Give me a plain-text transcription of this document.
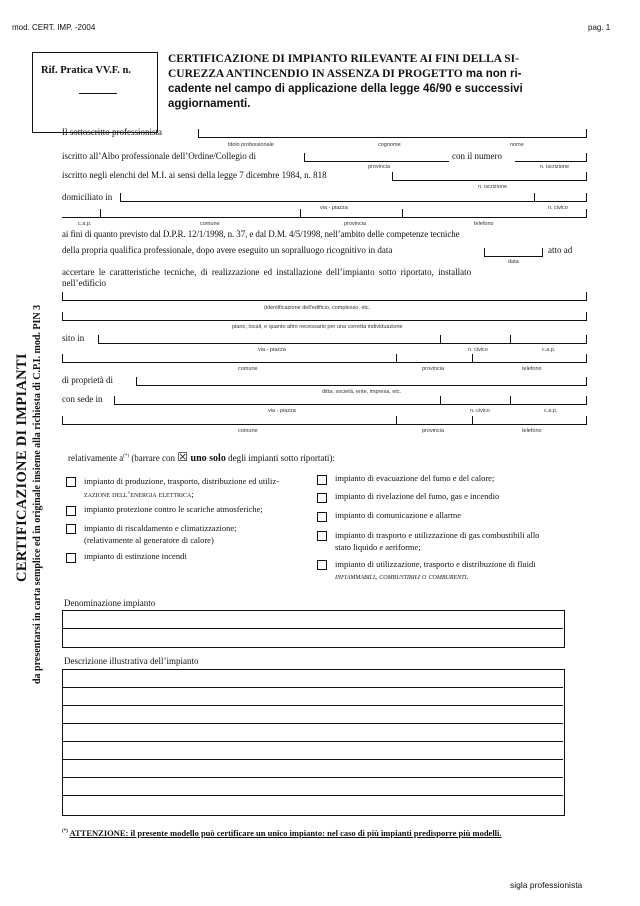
mod. CERT. IMP. -2004	pag. 1
Rif. Pratica VV.F. n.
CERTIFICAZIONE DI IMPIANTO RILEVANTE AI FINI DELLA SI-
CUREZZA ANTINCENDIO IN ASSENZA DI PROGETTO ma non ri-
cadente nel campo di applicazione della legge 46/90 e successivi
aggiornamenti.
CERTIFICAZIONE DI IMPIANTI da presentarsi in carta semplice ed in originale insieme alla richiesta di C.P.I. mod. PIN 3
Il sottoscritto professionista
titolo professionale	cognome	nome
iscritto all’Albo professionale dell’Ordine/Collegio di	con il numero
provincia	n. iscrizione
iscritto negli elenchi del M.I. ai sensi della legge 7 dicembre 1984, n. 818
n. iscrizione
domiciliato in
via - piazza	n. civico
c.a.p.	comune	provincia	telefono
ai fini di quanto previsto dal D.P.R. 12/1/1998, n. 37, e dal D.M. 4/5/1998, nell’ambito delle competenze tecniche
della propria qualifica professionale, dopo avere eseguito un sopralluogo ricognitivo in data	atto ad
data
accertare le caratteristiche tecniche, di realizzazione ed installazione dell’impianto sotto riportato, installato
nell’edificio
(identificazione dell'edificio, complesso, etc.
piano, locali, e quanto altro necessario per una corretta individuazione
sito in
via - piazza	n. civico	c.a.p.
comune	provincia	telefono
di proprietà di
ditta, società, ente, impresa, etc.
con sede in
via - piazza	n. civico	c.a.p.
comune	provincia	telefono
relativamente a(*) (barrare con ☒ uno solo degli impianti sotto riportati):
impianto di produzione, trasporto, distribuzione ed utiliz-
zazione dell’energia elettrica;
impianto protezione contro le scariche atmosferiche;
impianto di riscaldamento e climatizzazione;
(relativamente al generatore di calore)
impianto di estinzione incendi
impianto di evacuazione del fumo e del calore;
impianto di rivelazione del fumo, gas e incendio
impianto di comunicazione e allarme
impianto di trasporto e utilizzazione di gas combustibili allo
stato liquido e aeriforme;
impianto di utilizzazione, trasporto e distribuzione di fluidi
infiammabili, combustibili o comburenti.
Denominazione impianto
Descrizione illustrativa dell’impianto
(*) ATTENZIONE: il presente modello può certificare un unico impianto: nel caso di più impianti predisporre più modelli.
sigla professionista
